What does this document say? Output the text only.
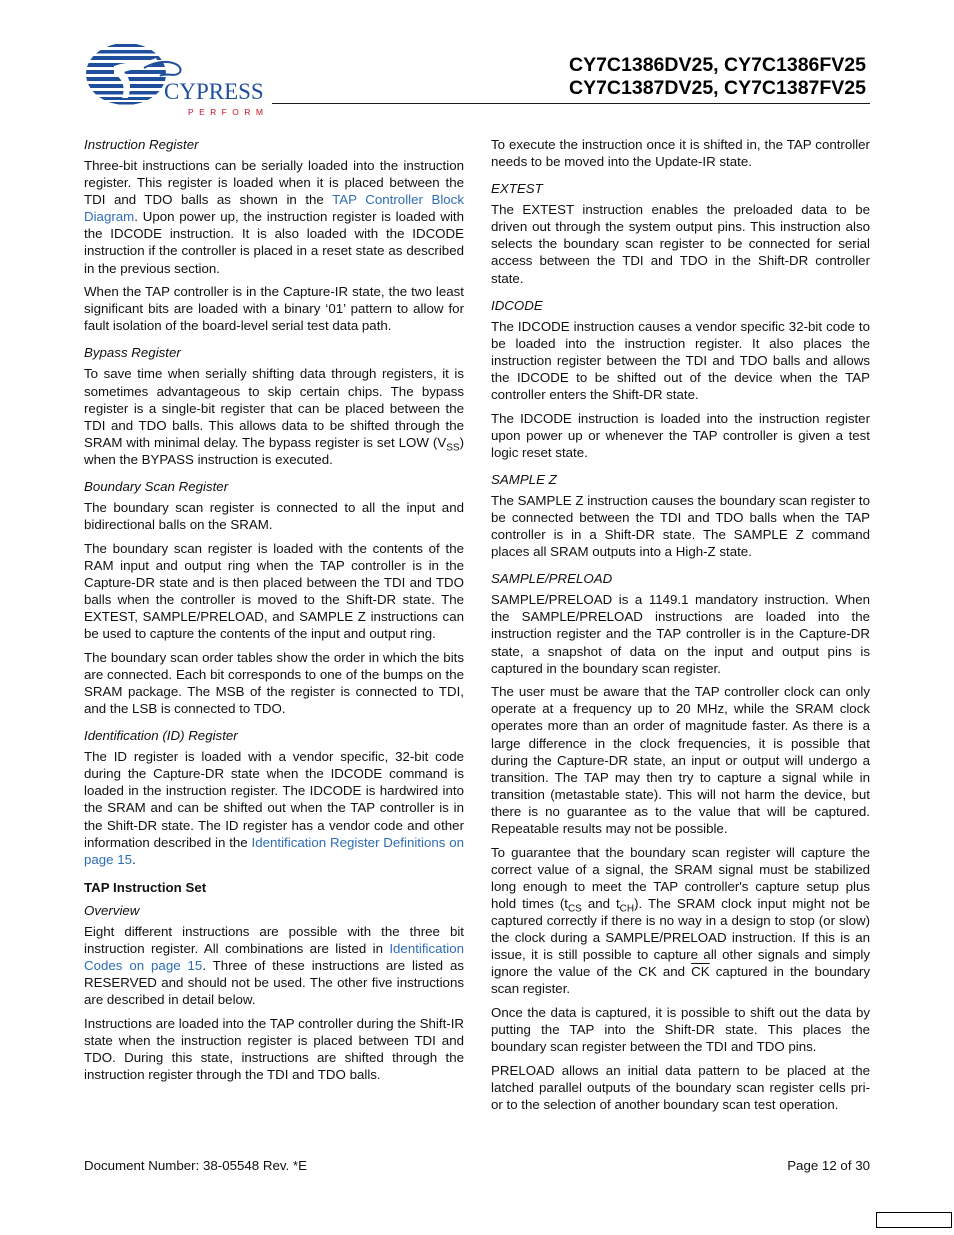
CYPRESS
PERFORM
CY7C1386DV25, CY7C1386FV25
CY7C1387DV25, CY7C1387FV25
Instruction Register

Three-bit instructions can be serially loaded into the instruction register. This register is loaded when it is placed between the TDI and TDO balls as shown in the TAP Controller Block Diagram. Upon power up, the instruction register is loaded with the IDCODE instruction. It is also loaded with the IDCODE instruction if the controller is placed in a reset state as described in the previous section.

When the TAP controller is in the Capture-IR state, the two least significant bits are loaded with a binary ‘01’ pattern to allow for fault isolation of the board-level serial test data path.

Bypass Register

To save time when serially shifting data through registers, it is sometimes advantageous to skip certain chips. The bypass register is a single-bit register that can be placed between the TDI and TDO balls. This allows data to be shifted through the SRAM with minimal delay. The bypass register is set LOW $(V_{SS})$ when the BYPASS instruction is executed.

Boundary Scan Register

The boundary scan register is connected to all the input and bidirectional balls on the SRAM.

The boundary scan register is loaded with the contents of the RAM input and output ring when the TAP controller is in the Capture-DR state and is then placed between the TDI and TDO balls when the controller is moved to the Shift-DR state. The EXTEST, SAMPLE/PRELOAD, and SAMPLE Z instructions can be used to capture the contents of the input and output ring.

The boundary scan order tables show the order in which the bits are connected. Each bit corresponds to one of the bumps on the SRAM package. The MSB of the register is connected to TDI, and the LSB is connected to TDO.

Identification (ID) Register

The ID register is loaded with a vendor specific, 32-bit code during the Capture-DR state when the IDCODE command is loaded in the instruction register. The IDCODE is hardwired into the SRAM and can be shifted out when the TAP controller is in the Shift-DR state. The ID register has a vendor code and other information described in the Identification Register Definitions on page 15.

TAP Instruction Set
Overview

Eight different instructions are possible with the three bit instruction register. All combinations are listed in Identification Codes on page 15. Three of these instructions are listed as RESERVED and should not be used. The other five instructions are described in detail below.

Instructions are loaded into the TAP controller during the Shift-IR state when the instruction register is placed between TDI and TDO. During this state, instructions are shifted through the instruction register through the TDI and TDO balls.

To execute the instruction once it is shifted in, the TAP controller needs to be moved into the Update-IR state.

EXTEST

The EXTEST instruction enables the preloaded data to be driven out through the system output pins. This instruction also selects the boundary scan register to be connected for serial access between the TDI and TDO in the Shift-DR controller state.

IDCODE

The IDCODE instruction causes a vendor specific 32-bit code to be loaded into the instruction register. It also places the instruction register between the TDI and TDO balls and allows the IDCODE to be shifted out of the device when the TAP controller enters the Shift-DR state.

The IDCODE instruction is loaded into the instruction register upon power up or whenever the TAP controller is given a test logic reset state.

SAMPLE Z

The SAMPLE Z instruction causes the boundary scan register to be connected between the TDI and TDO balls when the TAP controller is in a Shift-DR state. The SAMPLE Z command places all SRAM outputs into a High-Z state.

SAMPLE/PRELOAD

SAMPLE/PRELOAD is a 1149.1 mandatory instruction. When the SAMPLE/PRELOAD instructions are loaded into the instruction register and the TAP controller is in the Capture-DR state, a snapshot of data on the input and output pins is captured in the boundary scan register.

The user must be aware that the TAP controller clock can only operate at a frequency up to 20 MHz, while the SRAM clock operates more than an order of magnitude faster. As there is a large difference in the clock frequencies, it is possible that during the Capture-DR state, an input or output will undergo a transition. The TAP may then try to capture a signal while in transition (metastable state). This will not harm the device, but there is no guarantee as to the value that will be captured. Repeatable results may not be possible.

To guarantee that the boundary scan register will capture the correct value of a signal, the SRAM signal must be stabilized long enough to meet the TAP controller's capture setup plus hold times ($t_{CS}$ and $t_{CH}$). The SRAM clock input might not be captured correctly if there is no way in a design to stop (or slow) the clock during a SAMPLE/PRELOAD instruction. If this is an issue, it is still possible to capture all other signals and simply ignore the value of the CK and $\overline{CK}$ captured in the boundary scan register.

Once the data is captured, it is possible to shift out the data by putting the TAP into the Shift-DR state. This places the boundary scan register between the TDI and TDO pins.

PRELOAD allows an initial data pattern to be placed at the latched parallel outputs of the boundary scan register cells pri- or to the selection of another boundary scan test operation.

Document Number: 38-05548 Rev. *E	Page 12 of 30
